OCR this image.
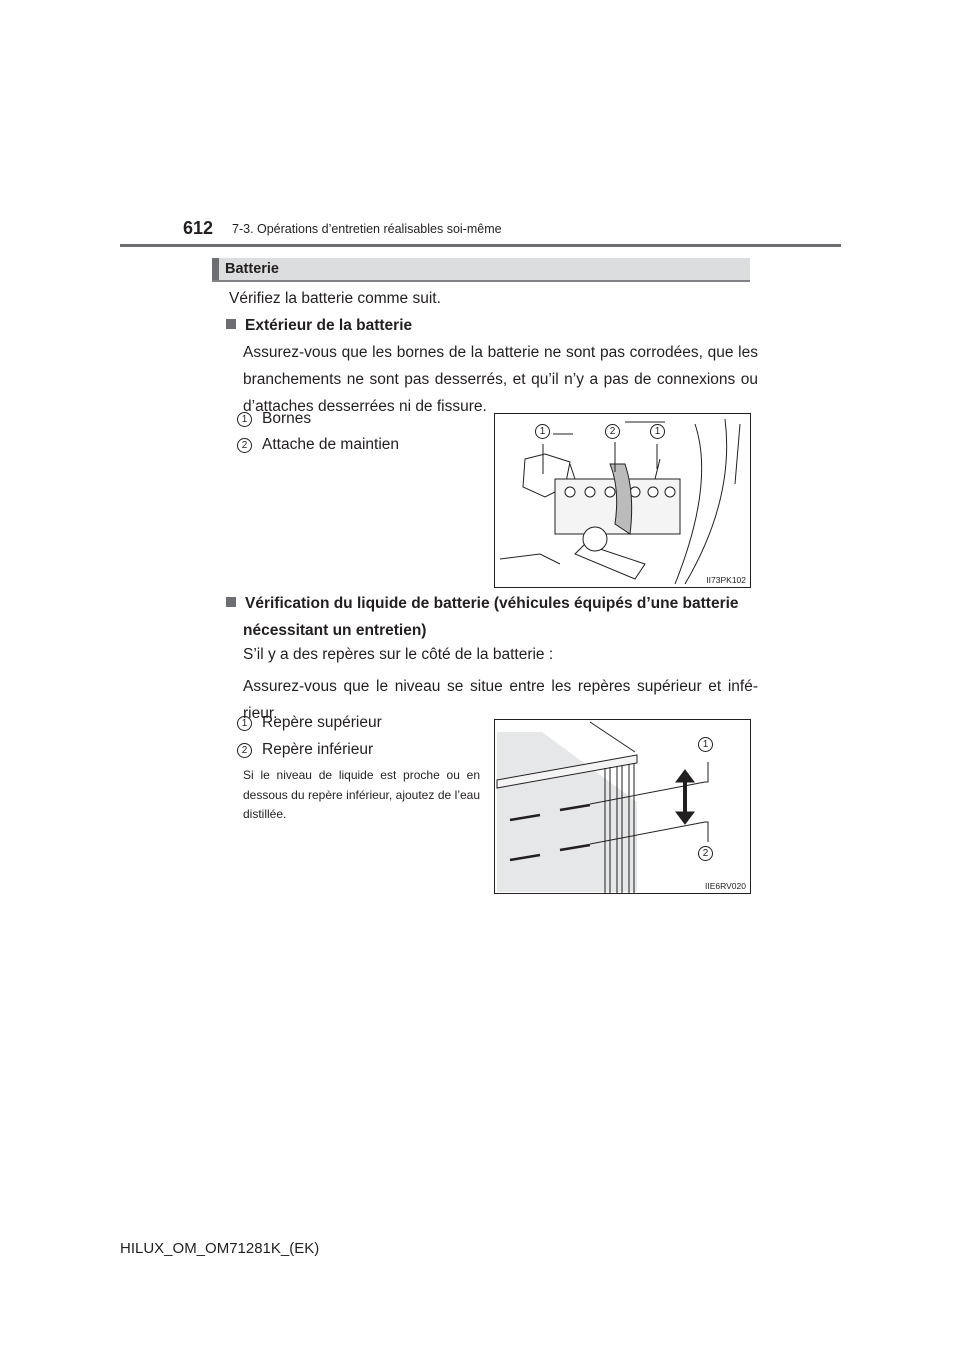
612 7-3. Opérations d’entretien réalisables soi-même
Batterie
Vérifiez la batterie comme suit.
Extérieur de la batterie
Assurez-vous que les bornes de la batterie ne sont pas corrodées, que les branchements ne sont pas desserrés, et qu’il n’y a pas de connexions ou d’attaches desserrées ni de fissure.
1 Bornes
2 Attache de maintien
1	2	1
II73PK102
Vérification du liquide de batterie (véhicules équipés d’une batterie
nécessitant un entretien)
S’il y a des repères sur le côté de la batterie :
Assurez-vous que le niveau se situe entre les repères supérieur et infé-rieur.
1 Repère supérieur
2 Repère inférieur
Si le niveau de liquide est proche ou en dessous du repère inférieur, ajoutez de l’eau distillée.
1
2
IIE6RV020
HILUX_OM_OM71281K_(EK)
